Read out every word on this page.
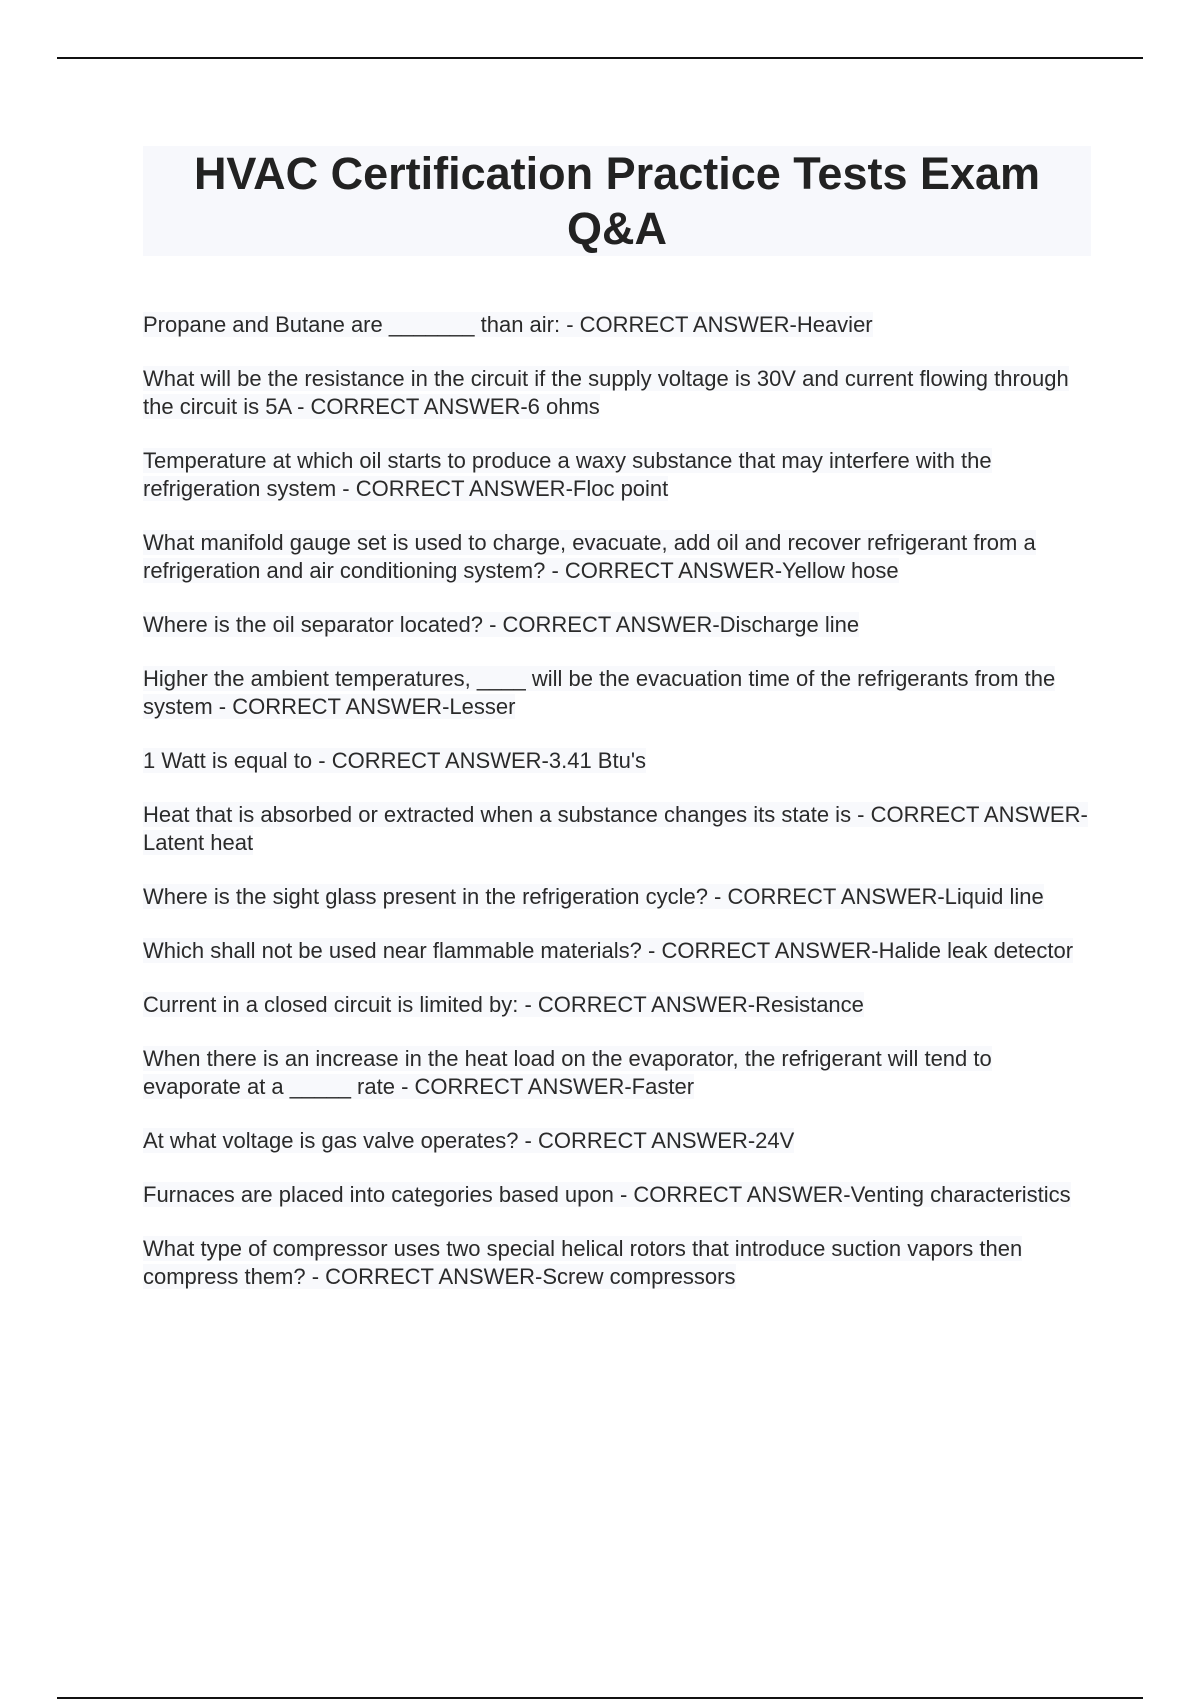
HVAC Certification Practice Tests Exam Q&A

Propane and Butane are _______ than air: - CORRECT ANSWER-Heavier

What will be the resistance in the circuit if the supply voltage is 30V and current flowing through the circuit is 5A - CORRECT ANSWER-6 ohms

Temperature at which oil starts to produce a waxy substance that may interfere with the refrigeration system - CORRECT ANSWER-Floc point

What manifold gauge set is used to charge, evacuate, add oil and recover refrigerant from a refrigeration and air conditioning system? - CORRECT ANSWER-Yellow hose

Where is the oil separator located? - CORRECT ANSWER-Discharge line

Higher the ambient temperatures, ____ will be the evacuation time of the refrigerants from the system - CORRECT ANSWER-Lesser

1 Watt is equal to - CORRECT ANSWER-3.41 Btu's

Heat that is absorbed or extracted when a substance changes its state is - CORRECT ANSWER-Latent heat

Where is the sight glass present in the refrigeration cycle? - CORRECT ANSWER-Liquid line

Which shall not be used near flammable materials? - CORRECT ANSWER-Halide leak detector

Current in a closed circuit is limited by: - CORRECT ANSWER-Resistance

When there is an increase in the heat load on the evaporator, the refrigerant will tend to evaporate at a _____ rate - CORRECT ANSWER-Faster

At what voltage is gas valve operates? - CORRECT ANSWER-24V

Furnaces are placed into categories based upon - CORRECT ANSWER-Venting characteristics

What type of compressor uses two special helical rotors that introduce suction vapors then compress them? - CORRECT ANSWER-Screw compressors
